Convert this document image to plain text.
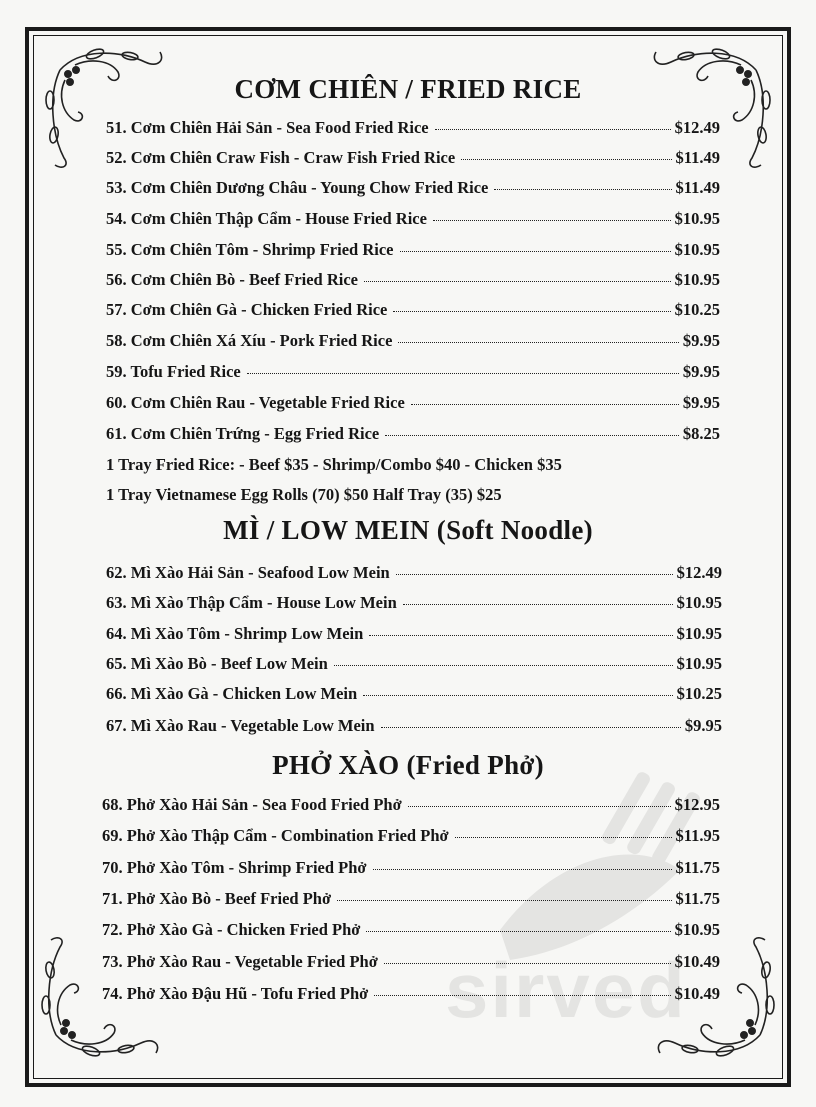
sirved
CƠM CHIÊN / FRIED RICE
51. Cơm Chiên Hải Sản - Sea Food Fried Rice	$12.49
52. Cơm Chiên Craw Fish - Craw Fish Fried Rice	$11.49
53. Cơm Chiên Dương Châu - Young Chow Fried Rice	$11.49
54. Cơm Chiên Thập Cẩm - House Fried Rice	$10.95
55. Cơm Chiên Tôm - Shrimp Fried Rice	$10.95
56. Cơm Chiên Bò - Beef Fried Rice	$10.95
57. Cơm Chiên Gà - Chicken Fried Rice	$10.25
58. Cơm Chiên Xá Xíu - Pork Fried Rice	$9.95
59. Tofu Fried Rice	$9.95
60. Cơm Chiên Rau - Vegetable Fried Rice	$9.95
61. Cơm Chiên Trứng - Egg Fried Rice	$8.25
1 Tray Fried Rice: - Beef $35 - Shrimp/Combo $40 - Chicken $35
1 Tray Vietnamese Egg Rolls (70) $50 Half Tray (35) $25
MÌ / LOW MEIN (Soft Noodle)
62. Mì Xào Hải Sản - Seafood Low Mein	$12.49
63. Mì Xào Thập Cẩm - House Low Mein	$10.95
64. Mì Xào Tôm - Shrimp Low Mein	$10.95
65. Mì Xào Bò - Beef Low Mein	$10.95
66. Mì Xào Gà - Chicken Low Mein	$10.25
67. Mì Xào Rau - Vegetable Low Mein	$9.95
PHỞ XÀO (Fried Phở)
68. Phở Xào Hải Sản - Sea Food Fried Phở	$12.95
69. Phở Xào Thập Cẩm - Combination Fried Phở	$11.95
70. Phở Xào Tôm - Shrimp Fried Phở	$11.75
71. Phở Xào Bò - Beef Fried Phở	$11.75
72. Phở Xào Gà - Chicken Fried Phở	$10.95
73. Phở Xào Rau - Vegetable Fried Phở	$10.49
74. Phở Xào Đậu Hũ - Tofu Fried Phở	$10.49
